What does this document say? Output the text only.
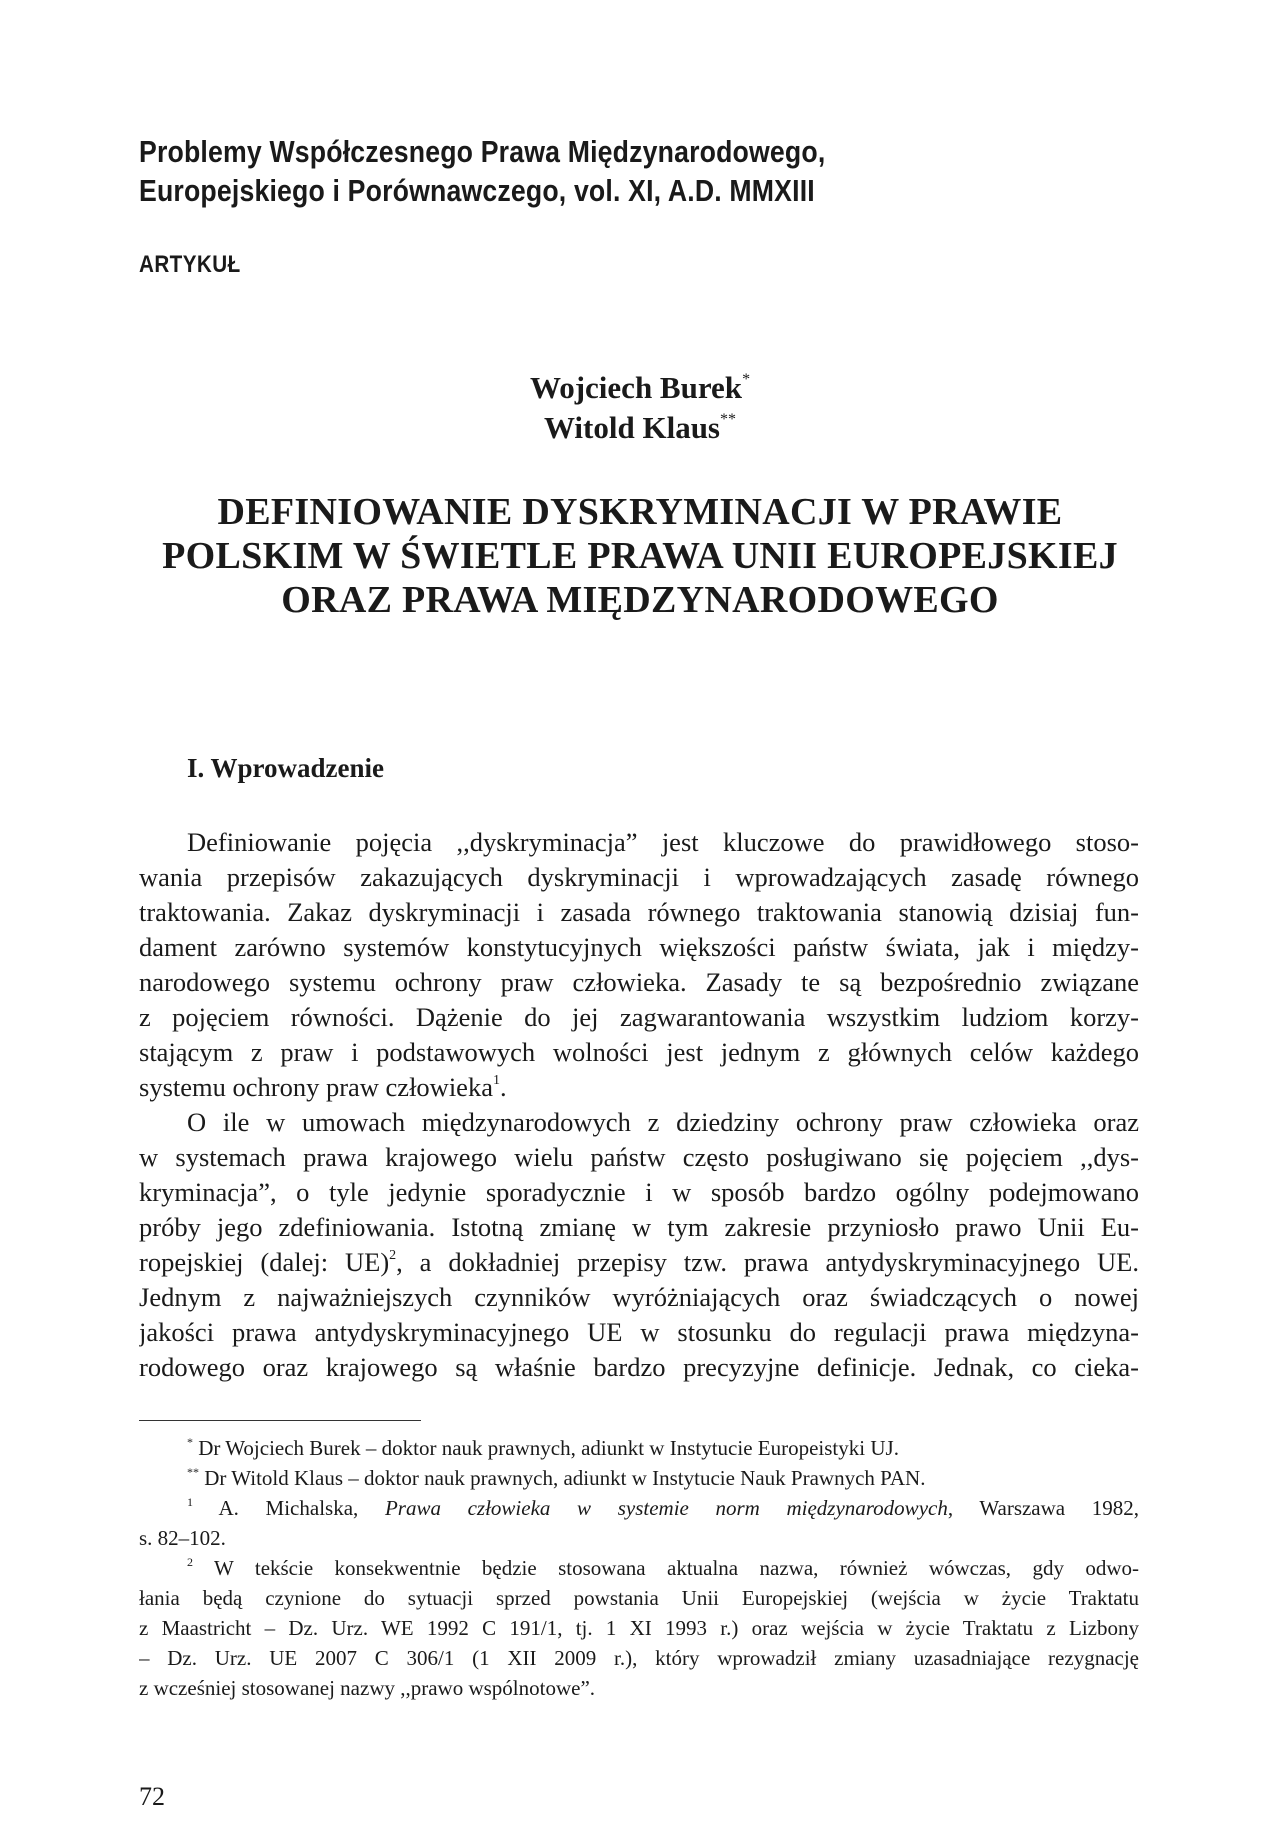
Problemy Współczesnego Prawa Międzynarodowego,
Europejskiego i Porównawczego, vol. XI, A.D. MMXIII
ARTYKUŁ
Wojciech Burek*
Witold Klaus**
DEFINIOWANIE DYSKRYMINACJI W PRAWIE
POLSKIM W ŚWIETLE PRAWA UNII EUROPEJSKIEJ
ORAZ PRAWA MIĘDZYNARODOWEGO
I. Wprowadzenie
Definiowanie pojęcia ,,dyskryminacja” jest kluczowe do prawidłowego stoso-
wania przepisów zakazujących dyskryminacji i wprowadzających zasadę równego
traktowania. Zakaz dyskryminacji i zasada równego traktowania stanowią dzisiaj fun-
dament zarówno systemów konstytucyjnych większości państw świata, jak i między-
narodowego systemu ochrony praw człowieka. Zasady te są bezpośrednio związane
z pojęciem równości. Dążenie do jej zagwarantowania wszystkim ludziom korzy-
stającym z praw i podstawowych wolności jest jednym z głównych celów każdego
systemu ochrony praw człowieka$^1$.
O ile w umowach międzynarodowych z dziedziny ochrony praw człowieka oraz
w systemach prawa krajowego wielu państw często posługiwano się pojęciem ,,dys-
kryminacja”, o tyle jedynie sporadycznie i w sposób bardzo ogólny podejmowano
próby jego zdefiniowania. Istotną zmianę w tym zakresie przyniosło prawo Unii Eu-
ropejskiej (dalej: UE)$^2$, a dokładniej przepisy tzw. prawa antydyskryminacyjnego UE.
Jednym z najważniejszych czynników wyróżniających oraz świadczących o nowej
jakości prawa antydyskryminacyjnego UE w stosunku do regulacji prawa międzyna-
rodowego oraz krajowego są właśnie bardzo precyzyjne definicje. Jednak, co cieka-
* Dr Wojciech Burek – doktor nauk prawnych, adiunkt w Instytucie Europeistyki UJ.
** Dr Witold Klaus – doktor nauk prawnych, adiunkt w Instytucie Nauk Prawnych PAN.
$^1$ A. Michalska, Prawa człowieka w systemie norm międzynarodowych, Warszawa 1982,
s. 82–102.
$^2$ W tekście konsekwentnie będzie stosowana aktualna nazwa, również wówczas, gdy odwo-
łania będą czynione do sytuacji sprzed powstania Unii Europejskiej (wejścia w życie Traktatu
z Maastricht – Dz. Urz. WE 1992 C 191/1, tj. 1 XI 1993 r.) oraz wejścia w życie Traktatu z Lizbony
– Dz. Urz. UE 2007 C 306/1 (1 XII 2009 r.), który wprowadził zmiany uzasadniające rezygnację
z wcześniej stosowanej nazwy ,,prawo wspólnotowe”.
72
